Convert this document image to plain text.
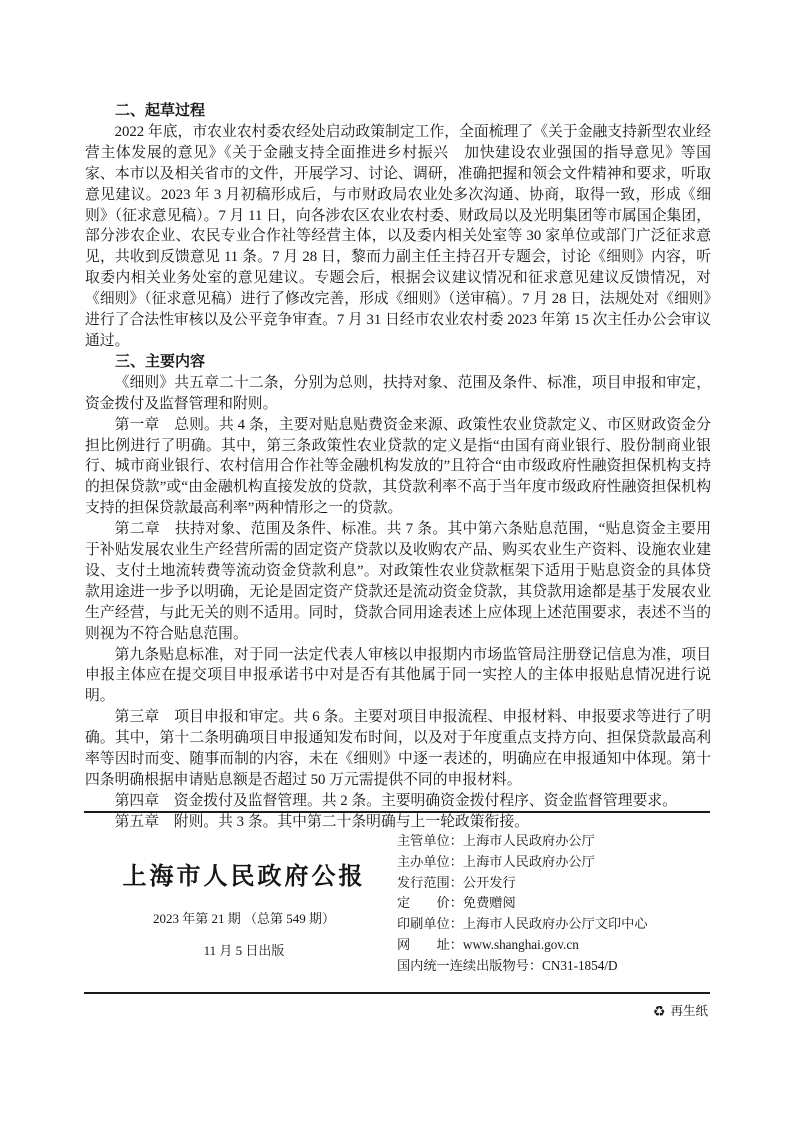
二、起草过程

2022 年底，市农业农村委农经处启动政策制定工作，全面梳理了《关于金融支持新型农业经营主体发展的意见》《关于金融支持全面推进乡村振兴　加快建设农业强国的指导意见》等国家、本市以及相关省市的文件，开展学习、讨论、调研，准确把握和领会文件精神和要求，听取意见建议。2023 年 3 月初稿形成后，与市财政局农业处多次沟通、协商，取得一致，形成《细则》（征求意见稿）。7 月 11 日，向各涉农区农业农村委、财政局以及光明集团等市属国企集团，部分涉农企业、农民专业合作社等经营主体，以及委内相关处室等 30 家单位或部门广泛征求意见，共收到反馈意见 11 条。7 月 28 日，黎而力副主任主持召开专题会，讨论《细则》内容，听取委内相关业务处室的意见建议。专题会后，根据会议建议情况和征求意见建议反馈情况，对《细则》（征求意见稿）进行了修改完善，形成《细则》（送审稿）。7 月 28 日，法规处对《细则》进行了合法性审核以及公平竞争审查。7 月 31 日经市农业农村委 2023 年第 15 次主任办公会审议通过。

三、主要内容

《细则》共五章二十二条，分别为总则，扶持对象、范围及条件、标准，项目申报和审定，资金拨付及监督管理和附则。

第一章　总则。共 4 条，主要对贴息贴费资金来源、政策性农业贷款定义、市区财政资金分担比例进行了明确。其中，第三条政策性农业贷款的定义是指“由国有商业银行、股份制商业银行、城市商业银行、农村信用合作社等金融机构发放的”且符合“由市级政府性融资担保机构支持的担保贷款”或“由金融机构直接发放的贷款，其贷款利率不高于当年度市级政府性融资担保机构支持的担保贷款最高利率”两种情形之一的贷款。

第二章　扶持对象、范围及条件、标准。共 7 条。其中第六条贴息范围，“贴息资金主要用于补贴发展农业生产经营所需的固定资产贷款以及收购农产品、购买农业生产资料、设施农业建设、支付土地流转费等流动资金贷款利息”。对政策性农业贷款框架下适用于贴息资金的具体贷款用途进一步予以明确，无论是固定资产贷款还是流动资金贷款，其贷款用途都是基于发展农业生产经营，与此无关的则不适用。同时，贷款合同用途表述上应体现上述范围要求，表述不当的则视为不符合贴息范围。

第九条贴息标准，对于同一法定代表人审核以申报期内市场监管局注册登记信息为准，项目申报主体应在提交项目申报承诺书中对是否有其他属于同一实控人的主体申报贴息情况进行说明。

第三章　项目申报和审定。共 6 条。主要对项目申报流程、申报材料、申报要求等进行了明确。其中，第十二条明确项目申报通知发布时间，以及对于年度重点支持方向、担保贷款最高利率等因时而变、随事而制的内容，未在《细则》中逐一表述的，明确应在申报通知中体现。第十四条明确根据申请贴息额是否超过 50 万元需提供不同的申报材料。

第四章　资金拨付及监督管理。共 2 条。主要明确资金拨付程序、资金监督管理要求。

第五章　附则。共 3 条。其中第二十条明确与上一轮政策衔接。

上海市人民政府公报
2023 年第 21 期 （总第 549 期）
11 月 5 日出版
主管单位：上海市人民政府办公厅
主办单位：上海市人民政府办公厅
发行范围：公开发行
定　　价：免费赠阅
印刷单位：上海市人民政府办公厅文印中心
网　　址：www.shanghai.gov.cn
国内统一连续出版物号：CN31-1854/D
♻ 再生纸
